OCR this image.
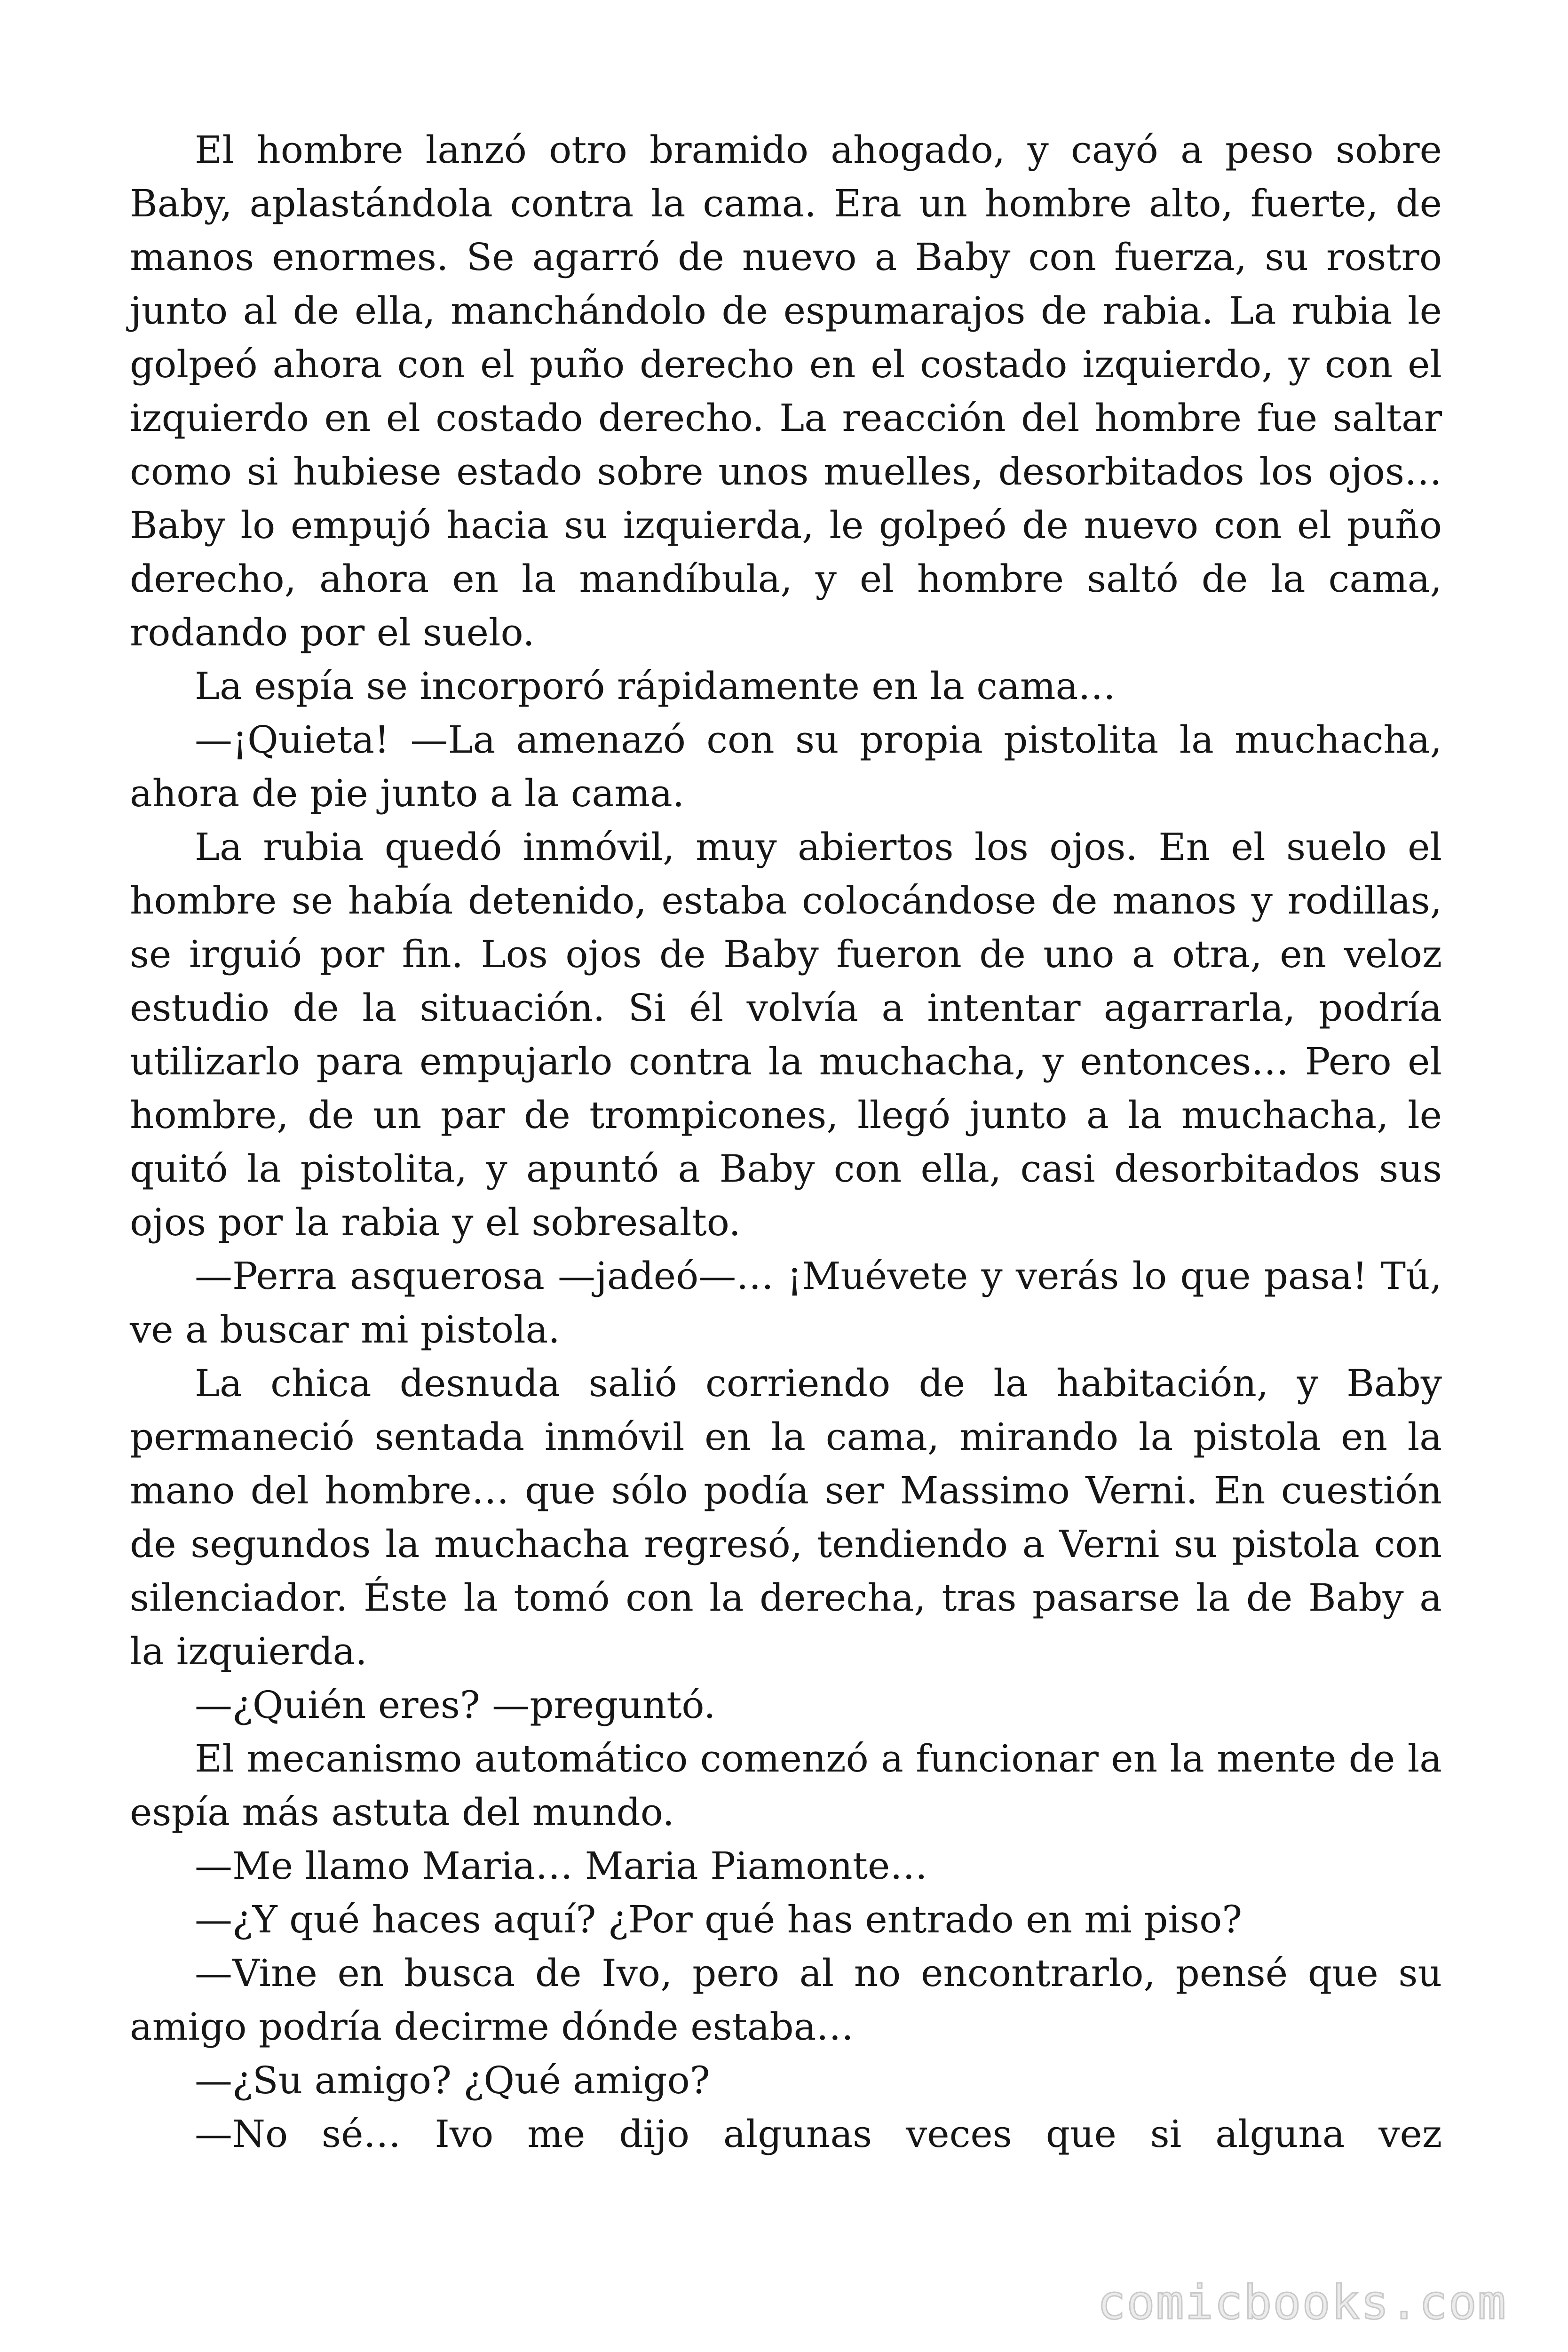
El hombre lanzó otro bramido ahogado, y cayó a peso sobre Baby, aplastándola contra la cama. Era un hombre alto, fuerte, de manos enormes. Se agarró de nuevo a Baby con fuerza, su rostro junto al de ella, manchándolo de espumarajos de rabia. La rubia le golpeó ahora con el puño derecho en el costado izquierdo, y con el izquierdo en el costado derecho. La reacción del hombre fue saltar como si hubiese estado sobre unos muelles, desorbitados los ojos… Baby lo empujó hacia su izquierda, le golpeó de nuevo con el puño derecho, ahora en la mandíbula, y el hombre saltó de la cama, rodando por el suelo.

La espía se incorporó rápidamente en la cama…

—¡Quieta! —La amenazó con su propia pistolita la muchacha, ahora de pie junto a la cama.

La rubia quedó inmóvil, muy abiertos los ojos. En el suelo el hombre se había detenido, estaba colocándose de manos y rodillas, se irguió por fin. Los ojos de Baby fueron de uno a otra, en veloz estudio de la situación. Si él volvía a intentar agarrarla, podría utilizarlo para empujarlo contra la muchacha, y entonces… Pero el hombre, de un par de trompicones, llegó junto a la muchacha, le quitó la pistolita, y apuntó a Baby con ella, casi desorbitados sus ojos por la rabia y el sobresalto.

—Perra asquerosa —jadeó—… ¡Muévete y verás lo que pasa! Tú, ve a buscar mi pistola.

La chica desnuda salió corriendo de la habitación, y Baby permaneció sentada inmóvil en la cama, mirando la pistola en la mano del hombre… que sólo podía ser Massimo Verni. En cuestión de segundos la muchacha regresó, tendiendo a Verni su pistola con silenciador. Éste la tomó con la derecha, tras pasarse la de Baby a la izquierda.

—¿Quién eres? —preguntó.

El mecanismo automático comenzó a funcionar en la mente de la espía más astuta del mundo.

—Me llamo Maria… Maria Piamonte…

—¿Y qué haces aquí? ¿Por qué has entrado en mi piso?

—Vine en busca de Ivo, pero al no encontrarlo, pensé que su amigo podría decirme dónde estaba…

—¿Su amigo? ¿Qué amigo?

—No sé… Ivo me dijo algunas veces que si alguna vez

comicbooks.com
